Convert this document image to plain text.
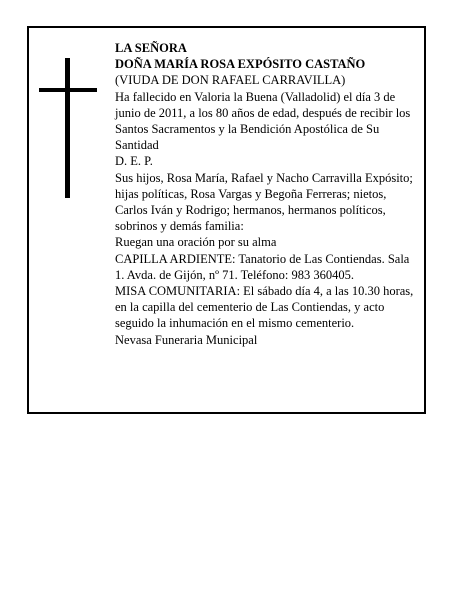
LA SEÑORA
DOÑA MARÍA ROSA EXPÓSITO CASTAÑO
(VIUDA DE DON RAFAEL CARRAVILLA)
Ha fallecido en Valoria la Buena (Valladolid) el día 3 de junio de 2011, a los 80 años de edad, después de recibir los Santos Sacramentos y la Bendición Apostólica de Su Santidad
D. E. P.
Sus hijos, Rosa María, Rafael y Nacho Carravilla Expósito; hijas políticas, Rosa Vargas y Begoña Ferreras; nietos, Carlos Iván y Rodrigo; hermanos, hermanos políticos, sobrinos y demás familia:
Ruegan una oración por su alma
CAPILLA ARDIENTE: Tanatorio de Las Contiendas. Sala 1. Avda. de Gijón, nº 71. Teléfono: 983 360405.
MISA COMUNITARIA: El sábado día 4, a las 10.30 horas, en la capilla del cementerio de Las Contiendas, y acto seguido la inhumación en el mismo cementerio.
Nevasa Funeraria Municipal
